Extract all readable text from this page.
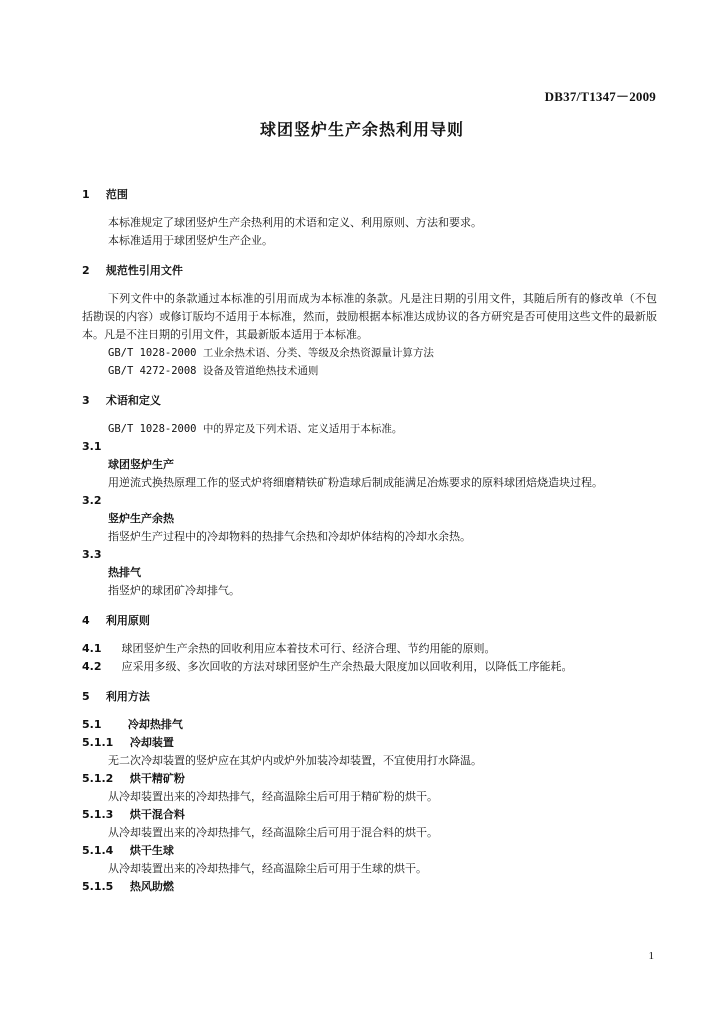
DB37/T1347－2009
球团竖炉生产余热利用导则
1 范围
本标准规定了球团竖炉生产余热利用的术语和定义、利用原则、方法和要求。
本标准适用于球团竖炉生产企业。
2 规范性引用文件
下列文件中的条款通过本标准的引用而成为本标准的条款。凡是注日期的引用文件，其随后所有的修改单（不包括勘误的内容）或修订版均不适用于本标准，然而，鼓励根据本标准达成协议的各方研究是否可使用这些文件的最新版本。凡是不注日期的引用文件，其最新版本适用于本标准。
GB/T 1028-2000 工业余热术语、分类、等级及余热资源量计算方法
GB/T 4272-2008 设备及管道绝热技术通则
3 术语和定义
GB/T 1028-2000 中的界定及下列术语、定义适用于本标准。
3.1
球团竖炉生产
用逆流式换热原理工作的竖式炉将细磨精铁矿粉造球后制成能满足冶炼要求的原料球团焙烧造块过程。
3.2
竖炉生产余热
指竖炉生产过程中的冷却物料的热排气余热和冷却炉体结构的冷却水余热。
3.3
热排气
指竖炉的球团矿冷却排气。
4 利用原则
4.1 球团竖炉生产余热的回收利用应本着技术可行、经济合理、节约用能的原则。
4.2 应采用多级、多次回收的方法对球团竖炉生产余热最大限度加以回收利用，以降低工序能耗。
5 利用方法
5.1 冷却热排气
5.1.1 冷却装置
无二次冷却装置的竖炉应在其炉内或炉外加装冷却装置，不宜使用打水降温。
5.1.2 烘干精矿粉
从冷却装置出来的冷却热排气，经高温除尘后可用于精矿粉的烘干。
5.1.3 烘干混合料
从冷却装置出来的冷却热排气，经高温除尘后可用于混合料的烘干。
5.1.4 烘干生球
从冷却装置出来的冷却热排气，经高温除尘后可用于生球的烘干。
5.1.5 热风助燃
1
